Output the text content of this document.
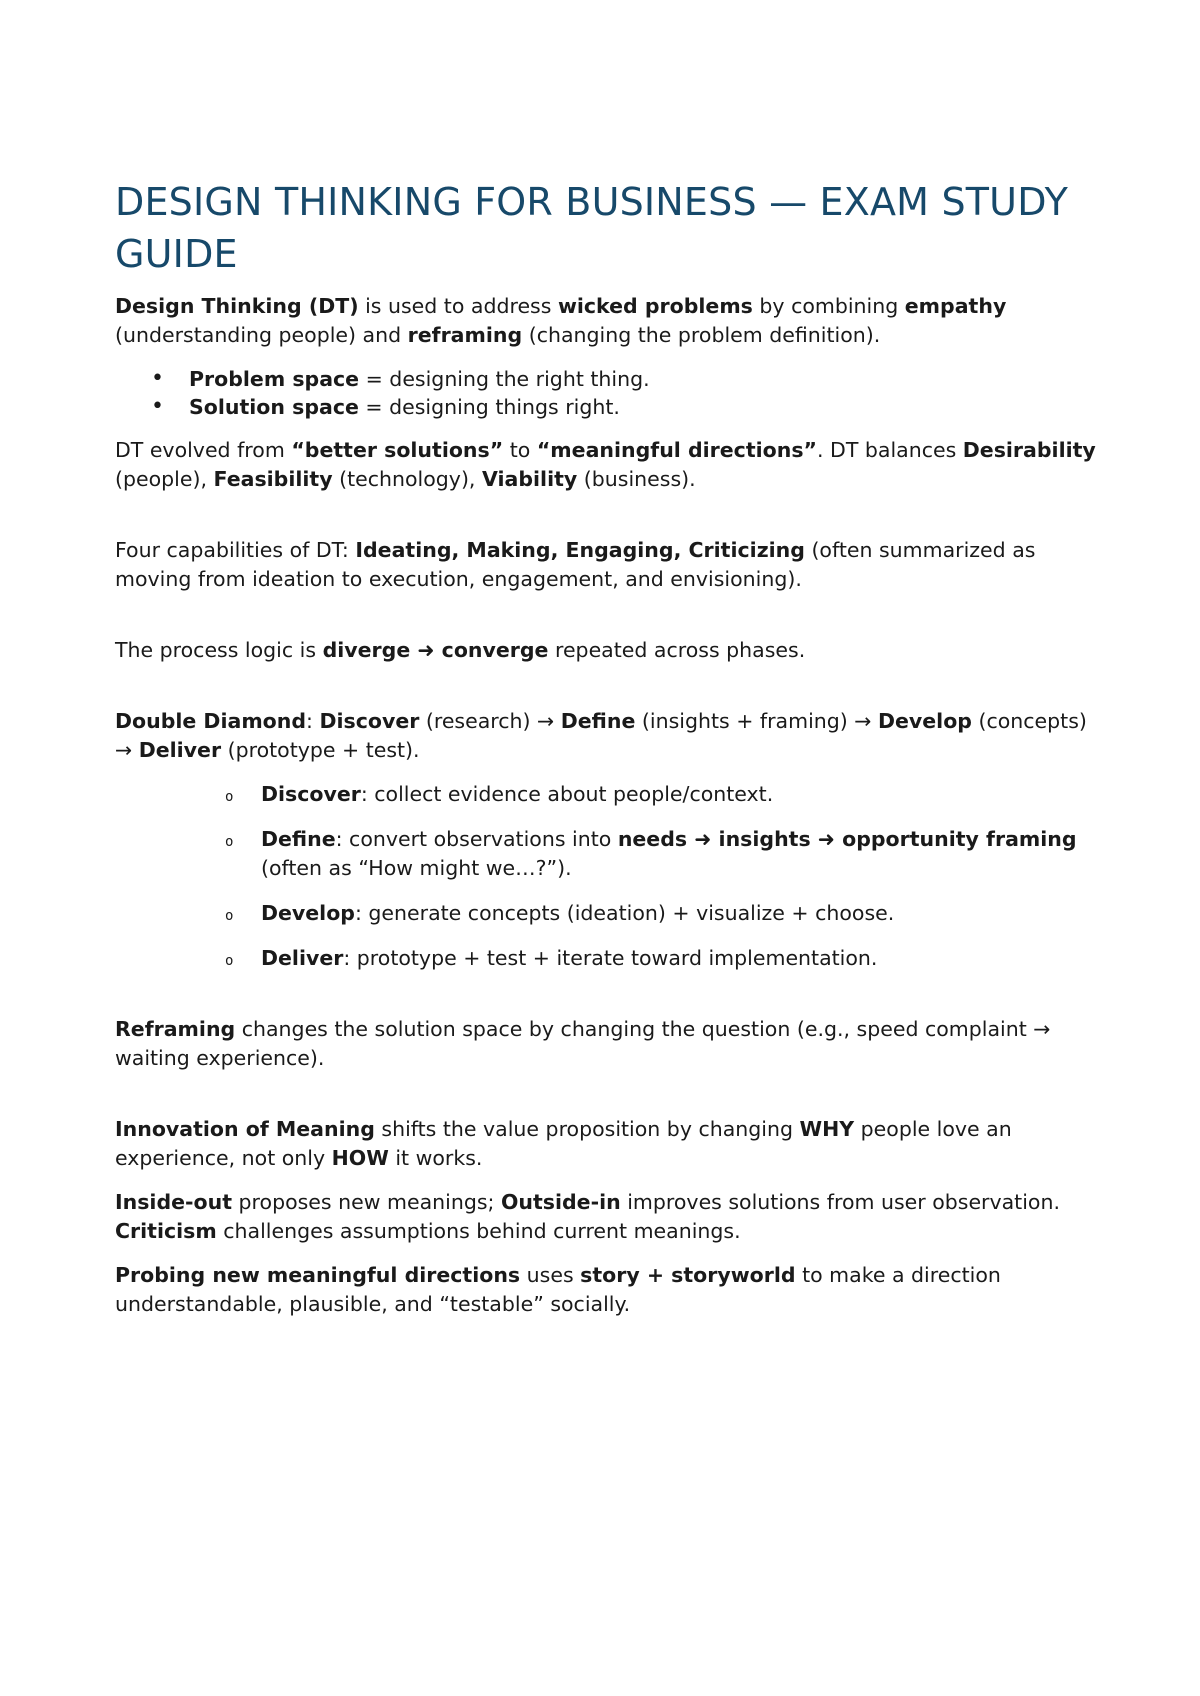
DESIGN THINKING FOR BUSINESS — EXAM STUDY GUIDE

Design Thinking (DT) is used to address wicked problems by combining empathy (understanding people) and reframing (changing the problem definition).

• Problem space = designing the right thing.
• Solution space = designing things right.

DT evolved from “better solutions” to “meaningful directions”. DT balances Desirability (people), Feasibility (technology), Viability (business).

Four capabilities of DT: Ideating, Making, Engaging, Criticizing (often summarized as moving from ideation to execution, engagement, and envisioning).

The process logic is diverge ➜ converge repeated across phases.

Double Diamond: Discover (research) → Define (insights + framing) → Develop (concepts) → Deliver (prototype + test).

o Discover: collect evidence about people/context.
o Define: convert observations into needs ➜ insights ➜ opportunity framing (often as “How might we…?”).
o Develop: generate concepts (ideation) + visualize + choose.
o Deliver: prototype + test + iterate toward implementation.

Reframing changes the solution space by changing the question (e.g., speed complaint → waiting experience).

Innovation of Meaning shifts the value proposition by changing WHY people love an experience, not only HOW it works.

Inside-out proposes new meanings; Outside-in improves solutions from user observation. Criticism challenges assumptions behind current meanings.

Probing new meaningful directions uses story + storyworld to make a direction understandable, plausible, and “testable” socially.
